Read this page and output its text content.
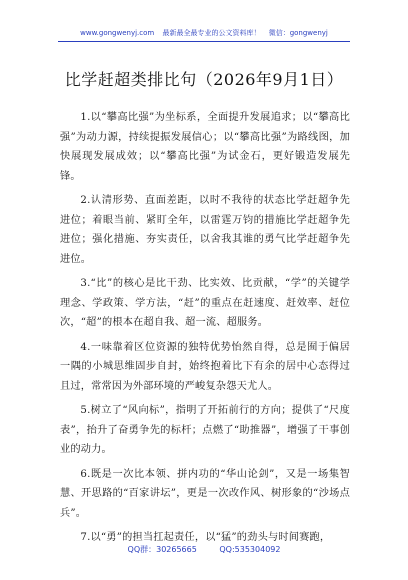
www.gongwenyj.com 最新最全最专业的公文资料库！ 微信：gongwenyj
比学赶超类排比句（2026年9月1日）

1.以“攀高比强”为坐标系，全面提升发展追求；以“攀高比强”为动力源，持续提振发展信心；以“攀高比强”为路线图，加快展现发展成效；以“攀高比强”为试金石，更好锻造发展先锋。

2.认清形势、直面差距，以时不我待的状态比学赶超争先进位；着眼当前、紧盯全年，以雷霆万钧的措施比学赶超争先进位；强化措施、夯实责任，以舍我其谁的勇气比学赶超争先进位。

3.“比”的核心是比干劲、比实效、比贡献，“学”的关键学理念、学政策、学方法，“赶”的重点在赶速度、赶效率、赶位次，“超”的根本在超自我、超一流、超服务。

4.一味靠着区位资源的独特优势怡然自得，总是囿于偏居一隅的小城思维固步自封，始终抱着比下有余的居中心态得过且过，常常因为外部环境的严峻复杂怨天尤人。

5.树立了“风向标”，指明了开拓前行的方向；提供了“尺度表”，抬升了奋勇争先的标杆；点燃了“助推器”，增强了干事创业的动力。

6.既是一次比本领、拼内功的“华山论剑”，又是一场集智慧、开思路的“百家讲坛”，更是一次改作风、树形象的“沙场点兵”。

7.以“勇”的担当扛起责任，以“猛”的劲头与时间赛跑，

QQ群：30265665	QQ:535304092
